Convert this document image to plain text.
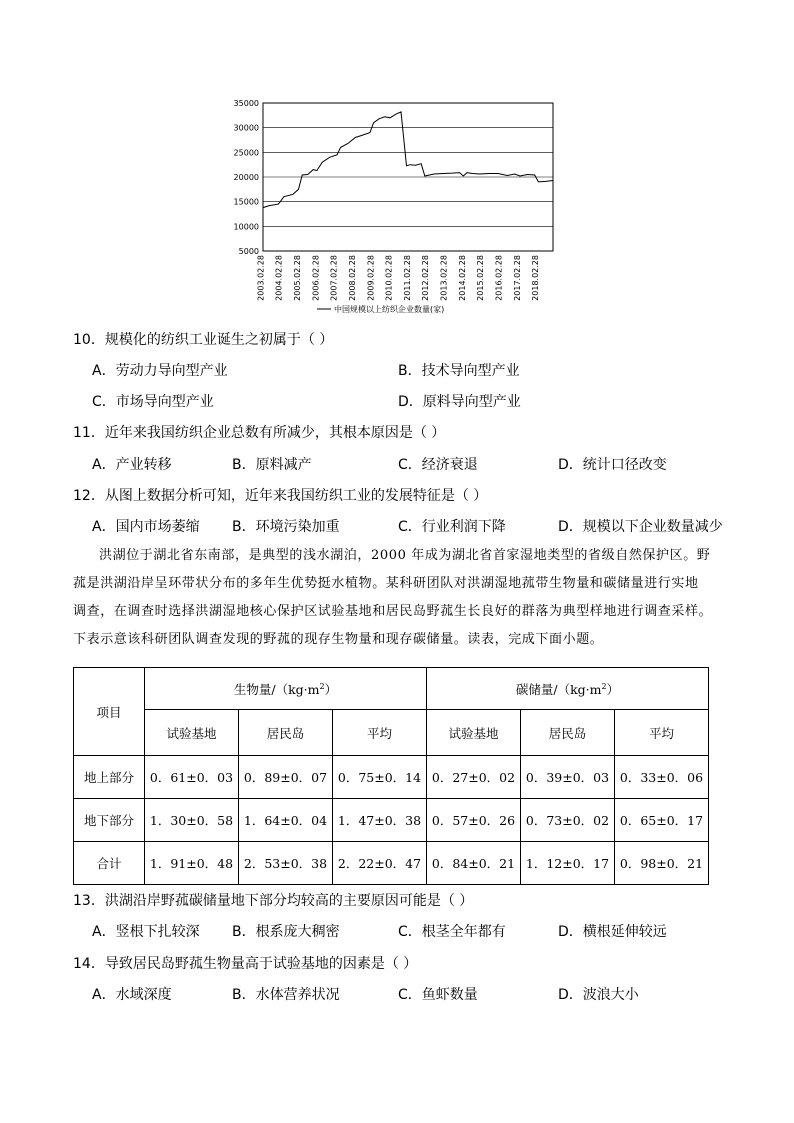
35000
30000
25000
20000
15000
10000
5000
2003.02.28 2004.02.28 2005.02.28 2006.02.28 2007.02.28 2008.02.28 2009.02.28 2010.02.28 2011.02.28 2012.02.28 2013.02.28 2014.02.28 2015.02.28 2016.02.28 2017.02.28 2018.02.28
中国规模以上纺织企业数量(家)
10．规模化的纺织工业诞生之初属于（ ）
A．劳动力导向型产业	B．技术导向型产业
C．市场导向型产业	D．原料导向型产业
11．近年来我国纺织企业总数有所减少，其根本原因是（ ）
A．产业转移	B．原料减产	C．经济衰退	D．统计口径改变
12．从图上数据分析可知，近年来我国纺织工业的发展特征是（ ）
A．国内市场萎缩 B．环境污染加重	C．行业利润下降	D．规模以下企业数量减少
洪湖位于湖北省东南部，是典型的浅水湖泊，2000 年成为湖北省首家湿地类型的省级自然保护区。野
菰是洪湖沿岸呈环带状分布的多年生优势挺水植物。某科研团队对洪湖湿地菰带生物量和碳储量进行实地
调查，在调查时选择洪湖湿地核心保护区试验基地和居民岛野菰生长良好的群落为典型样地进行调查采样。
下表示意该科研团队调查发现的野菰的现存生物量和现存碳储量。读表，完成下面小题。
项目	生物量$/(kg\cdot m^2)$			碳储量$/(kg\cdot m^2)$		
	试验基地	居民岛	平均	试验基地	居民岛	平均
地上部分	0．61±0．03	0．89±0．07	0．75±0．14	0．27±0．02	0．39±0．03	0．33±0．06
地下部分	1．30±0．58	1．64±0．04	1．47±0．38	0．57±0．26	0．73±0．02	0．65±0．17
合计	1．91±0．48	2．53±0．38	2．22±0．47	0．84±0．21	1．12±0．17	0．98±0．21
13．洪湖沿岸野菰碳储量地下部分均较高的主要原因可能是（ ）
A．竖根下扎较深 B．根系庞大稠密	C．根茎全年都有	D．横根延伸较远
14．导致居民岛野菰生物量高于试验基地的因素是（ ）
A．水域深度	B．水体营养状况	C．鱼虾数量	D．波浪大小
